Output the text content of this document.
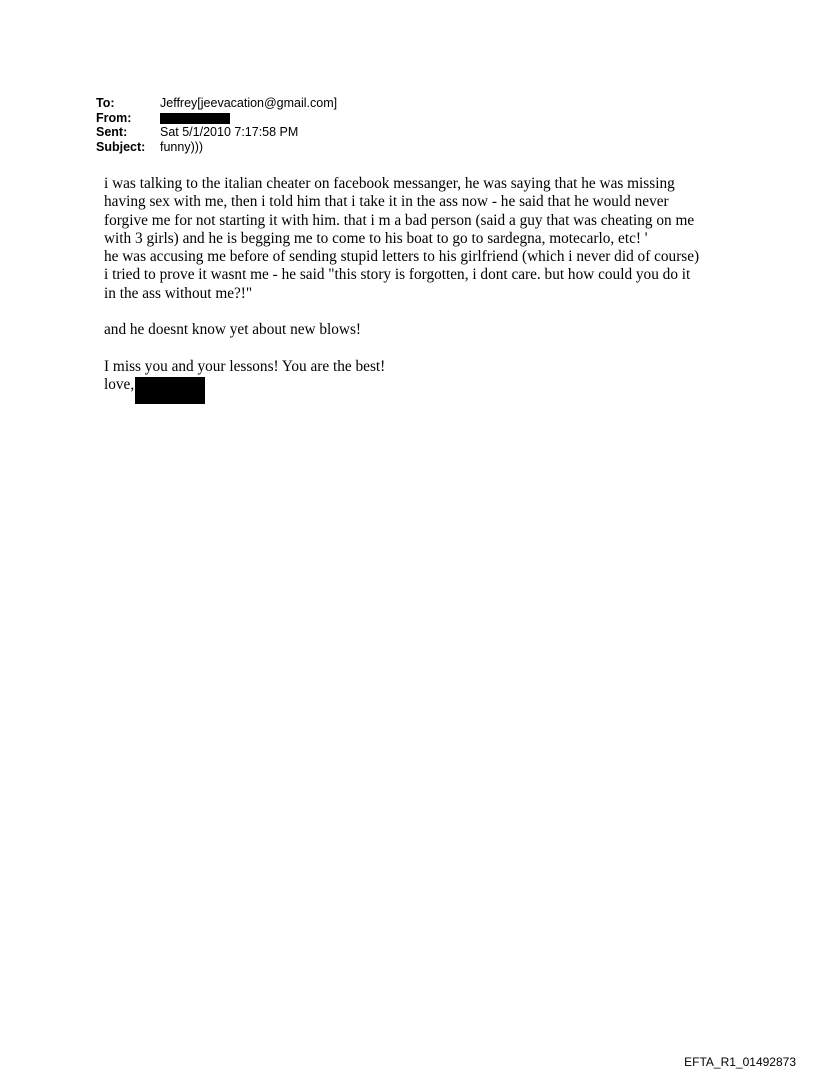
To:	Jeffrey[jeevacation@gmail.com]
From:
Sent:	Sat 5/1/2010 7:17:58 PM
Subject:	funny)))

i was talking to the italian cheater on facebook messanger, he was saying that he was missing

having sex with me, then i told him that i take it in the ass now - he said that he would never

forgive me for not starting it with him. that i m a bad person (said a guy that was cheating on me

with 3 girls) and he is begging me to come to his boat to go to sardegna, motecarlo, etc! '

he was accusing me before of sending stupid letters to his girlfriend (which i never did of course)

i tried to prove it wasnt me - he said "this story is forgotten, i dont care. but how could you do it

in the ass without me?!"

and he doesnt know yet about new blows!

I miss you and your lessons! You are the best!

love,

EFTA_R1_01492873
